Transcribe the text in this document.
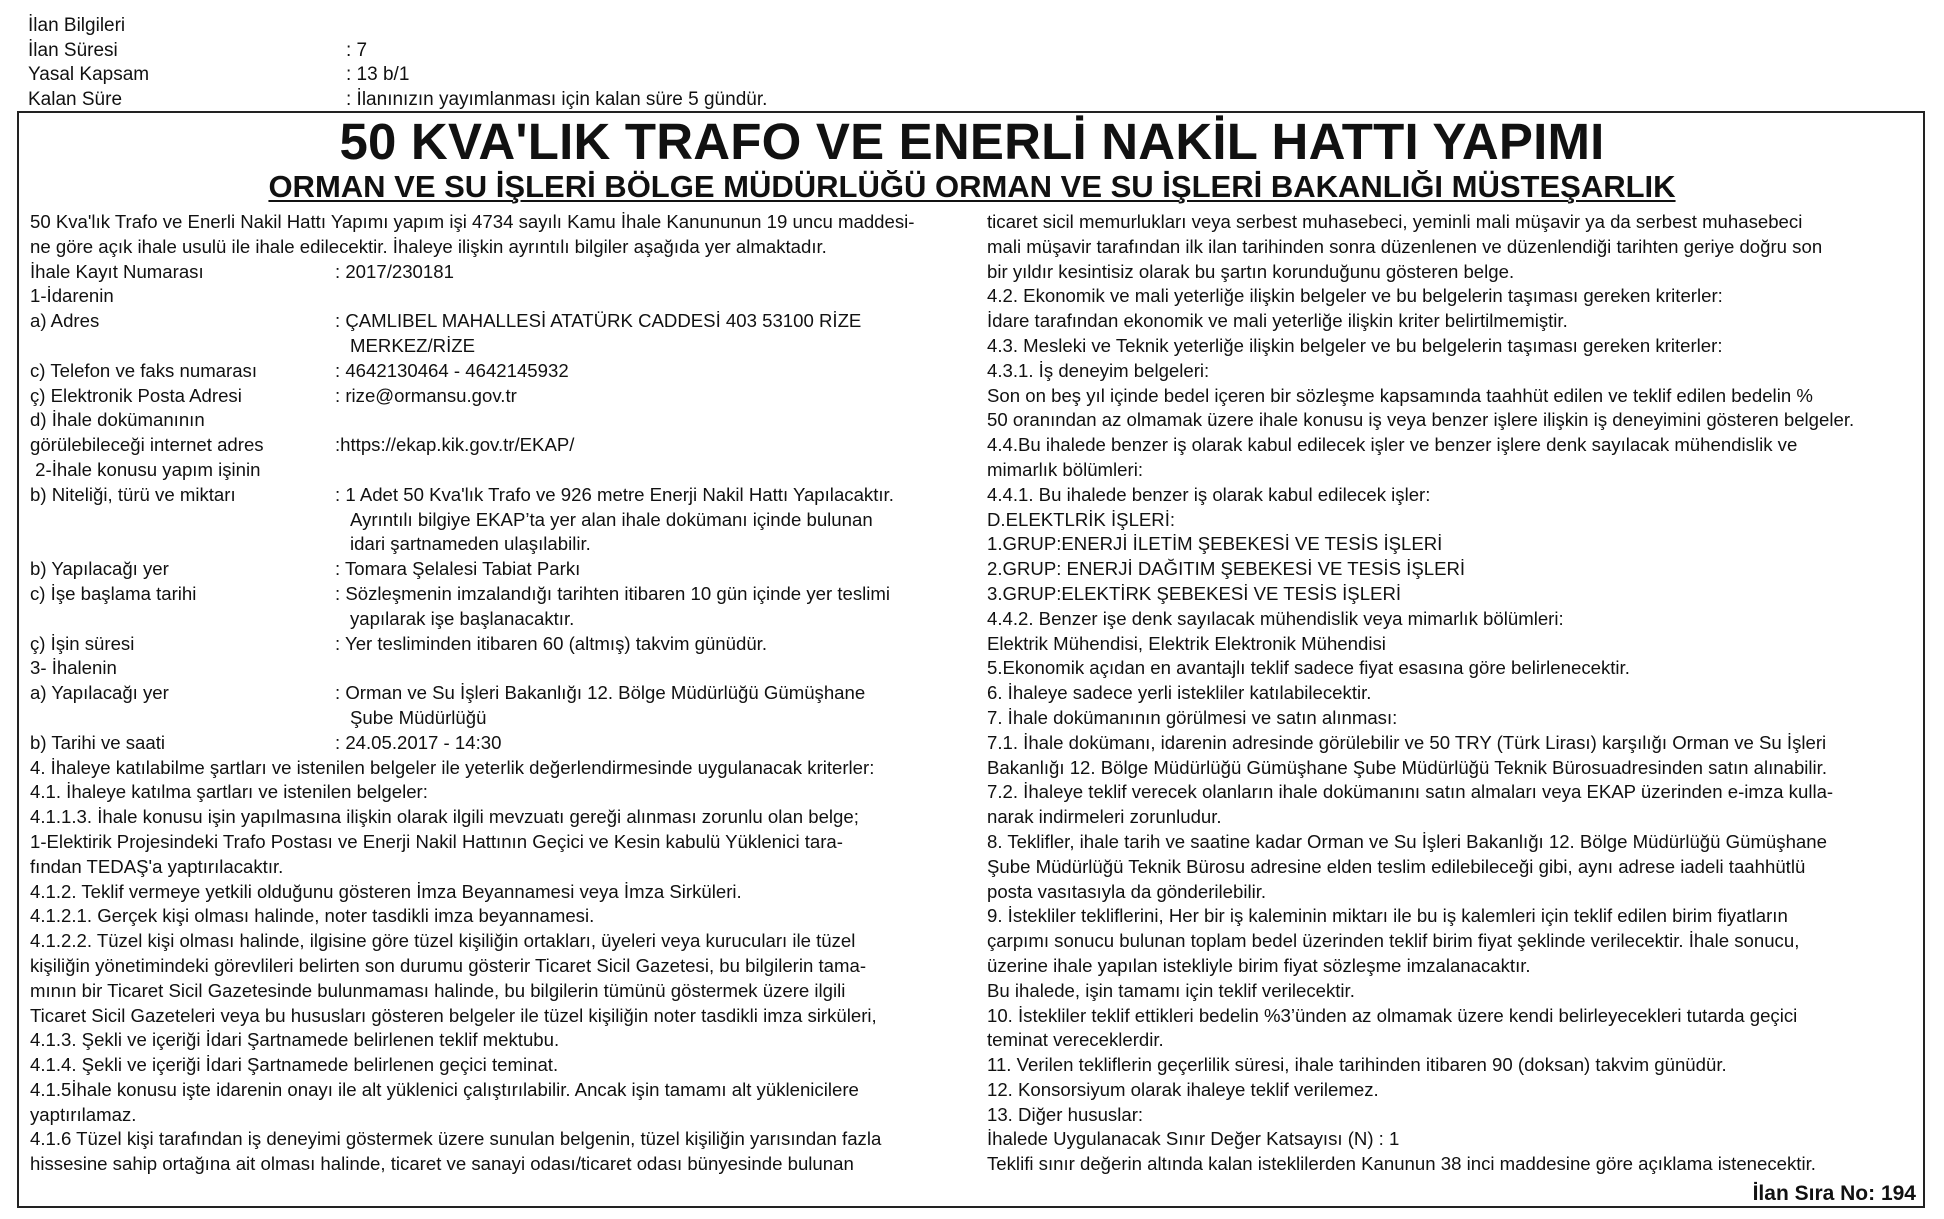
İlan Bilgileri
İlan Süresi	: 7
Yasal Kapsam	: 13 b/1
Kalan Süre	: İlanınızın yayımlanması için kalan süre 5 gündür.
50 KVA'LIK TRAFO VE ENERLİ NAKİL HATTI YAPIMI
ORMAN VE SU İŞLERİ BÖLGE MÜDÜRLÜĞÜ ORMAN VE SU İŞLERİ BAKANLIĞI MÜSTEŞARLIK
50 Kva'lık Trafo ve Enerli Nakil Hattı Yapımı yapım işi 4734 sayılı Kamu İhale Kanununun 19 uncu maddesi-
ne göre açık ihale usulü ile ihale edilecektir. İhaleye ilişkin ayrıntılı bilgiler aşağıda yer almaktadır.
İhale Kayıt Numarası	: 2017/230181
1-İdarenin
a) Adres	: ÇAMLIBEL MAHALLESİ ATATÜRK CADDESİ 403 53100 RİZE
MERKEZ/RİZE
c) Telefon ve faks numarası	: 4642130464 - 4642145932
ç) Elektronik Posta Adresi	: rize@ormansu.gov.tr
d) İhale dokümanının
görülebileceği internet adres	:https://ekap.kik.gov.tr/EKAP/
2-İhale konusu yapım işinin
b) Niteliği, türü ve miktarı	: 1 Adet 50 Kva'lık Trafo ve 926 metre Enerji Nakil Hattı Yapılacaktır.
Ayrıntılı bilgiye EKAP’ta yer alan ihale dokümanı içinde bulunan
idari şartnameden ulaşılabilir.
b) Yapılacağı yer	: Tomara Şelalesi Tabiat Parkı
c) İşe başlama tarihi	: Sözleşmenin imzalandığı tarihten itibaren 10 gün içinde yer teslimi
yapılarak işe başlanacaktır.
ç) İşin süresi	: Yer tesliminden itibaren 60 (altmış) takvim günüdür.
3- İhalenin
a) Yapılacağı yer	: Orman ve Su İşleri Bakanlığı 12. Bölge Müdürlüğü Gümüşhane
Şube Müdürlüğü
b) Tarihi ve saati	: 24.05.2017 - 14:30
4. İhaleye katılabilme şartları ve istenilen belgeler ile yeterlik değerlendirmesinde uygulanacak kriterler:
4.1. İhaleye katılma şartları ve istenilen belgeler:
4.1.1.3. İhale konusu işin yapılmasına ilişkin olarak ilgili mevzuatı gereği alınması zorunlu olan belge;
1-Elektirik Projesindeki Trafo Postası ve Enerji Nakil Hattının Geçici ve Kesin kabulü Yüklenici tara-
fından TEDAŞ'a yaptırılacaktır.
4.1.2. Teklif vermeye yetkili olduğunu gösteren İmza Beyannamesi veya İmza Sirküleri.
4.1.2.1. Gerçek kişi olması halinde, noter tasdikli imza beyannamesi.
4.1.2.2. Tüzel kişi olması halinde, ilgisine göre tüzel kişiliğin ortakları, üyeleri veya kurucuları ile tüzel
kişiliğin yönetimindeki görevlileri belirten son durumu gösterir Ticaret Sicil Gazetesi, bu bilgilerin tama-
mının bir Ticaret Sicil Gazetesinde bulunmaması halinde, bu bilgilerin tümünü göstermek üzere ilgili
Ticaret Sicil Gazeteleri veya bu hususları gösteren belgeler ile tüzel kişiliğin noter tasdikli imza sirküleri,
4.1.3. Şekli ve içeriği İdari Şartnamede belirlenen teklif mektubu.
4.1.4. Şekli ve içeriği İdari Şartnamede belirlenen geçici teminat.
4.1.5İhale konusu işte idarenin onayı ile alt yüklenici çalıştırılabilir. Ancak işin tamamı alt yüklenicilere
yaptırılamaz.
4.1.6 Tüzel kişi tarafından iş deneyimi göstermek üzere sunulan belgenin, tüzel kişiliğin yarısından fazla
hissesine sahip ortağına ait olması halinde, ticaret ve sanayi odası/ticaret odası bünyesinde bulunan
ticaret sicil memurlukları veya serbest muhasebeci, yeminli mali müşavir ya da serbest muhasebeci
mali müşavir tarafından ilk ilan tarihinden sonra düzenlenen ve düzenlendiği tarihten geriye doğru son
bir yıldır kesintisiz olarak bu şartın korunduğunu gösteren belge.
4.2. Ekonomik ve mali yeterliğe ilişkin belgeler ve bu belgelerin taşıması gereken kriterler:
İdare tarafından ekonomik ve mali yeterliğe ilişkin kriter belirtilmemiştir.
4.3. Mesleki ve Teknik yeterliğe ilişkin belgeler ve bu belgelerin taşıması gereken kriterler:
4.3.1. İş deneyim belgeleri:
Son on beş yıl içinde bedel içeren bir sözleşme kapsamında taahhüt edilen ve teklif edilen bedelin %
50 oranından az olmamak üzere ihale konusu iş veya benzer işlere ilişkin iş deneyimini gösteren belgeler.
4.4.Bu ihalede benzer iş olarak kabul edilecek işler ve benzer işlere denk sayılacak mühendislik ve
mimarlık bölümleri:
4.4.1. Bu ihalede benzer iş olarak kabul edilecek işler:
D.ELEKTLRİK İŞLERİ:
1.GRUP:ENERJİ İLETİM ŞEBEKESİ VE TESİS İŞLERİ
2.GRUP: ENERJİ DAĞITIM ŞEBEKESİ VE TESİS İŞLERİ
3.GRUP:ELEKTİRK ŞEBEKESİ VE TESİS İŞLERİ
4.4.2. Benzer işe denk sayılacak mühendislik veya mimarlık bölümleri:
Elektrik Mühendisi, Elektrik Elektronik Mühendisi
5.Ekonomik açıdan en avantajlı teklif sadece fiyat esasına göre belirlenecektir.
6. İhaleye sadece yerli istekliler katılabilecektir.
7. İhale dokümanının görülmesi ve satın alınması:
7.1. İhale dokümanı, idarenin adresinde görülebilir ve 50 TRY (Türk Lirası) karşılığı Orman ve Su İşleri
Bakanlığı 12. Bölge Müdürlüğü Gümüşhane Şube Müdürlüğü Teknik Bürosuadresinden satın alınabilir.
7.2. İhaleye teklif verecek olanların ihale dokümanını satın almaları veya EKAP üzerinden e-imza kulla-
narak indirmeleri zorunludur.
8. Teklifler, ihale tarih ve saatine kadar Orman ve Su İşleri Bakanlığı 12. Bölge Müdürlüğü Gümüşhane
Şube Müdürlüğü Teknik Bürosu adresine elden teslim edilebileceği gibi, aynı adrese iadeli taahhütlü
posta vasıtasıyla da gönderilebilir.
9. İstekliler tekliflerini, Her bir iş kaleminin miktarı ile bu iş kalemleri için teklif edilen birim fiyatların
çarpımı sonucu bulunan toplam bedel üzerinden teklif birim fiyat şeklinde verilecektir. İhale sonucu,
üzerine ihale yapılan istekliyle birim fiyat sözleşme imzalanacaktır.
Bu ihalede, işin tamamı için teklif verilecektir.
10. İstekliler teklif ettikleri bedelin %3’ünden az olmamak üzere kendi belirleyecekleri tutarda geçici
teminat vereceklerdir.
11. Verilen tekliflerin geçerlilik süresi, ihale tarihinden itibaren 90 (doksan) takvim günüdür.
12. Konsorsiyum olarak ihaleye teklif verilemez.
13. Diğer hususlar:
İhalede Uygulanacak Sınır Değer Katsayısı (N) : 1
Teklifi sınır değerin altında kalan isteklilerden Kanunun 38 inci maddesine göre açıklama istenecektir.
İlan Sıra No: 194
